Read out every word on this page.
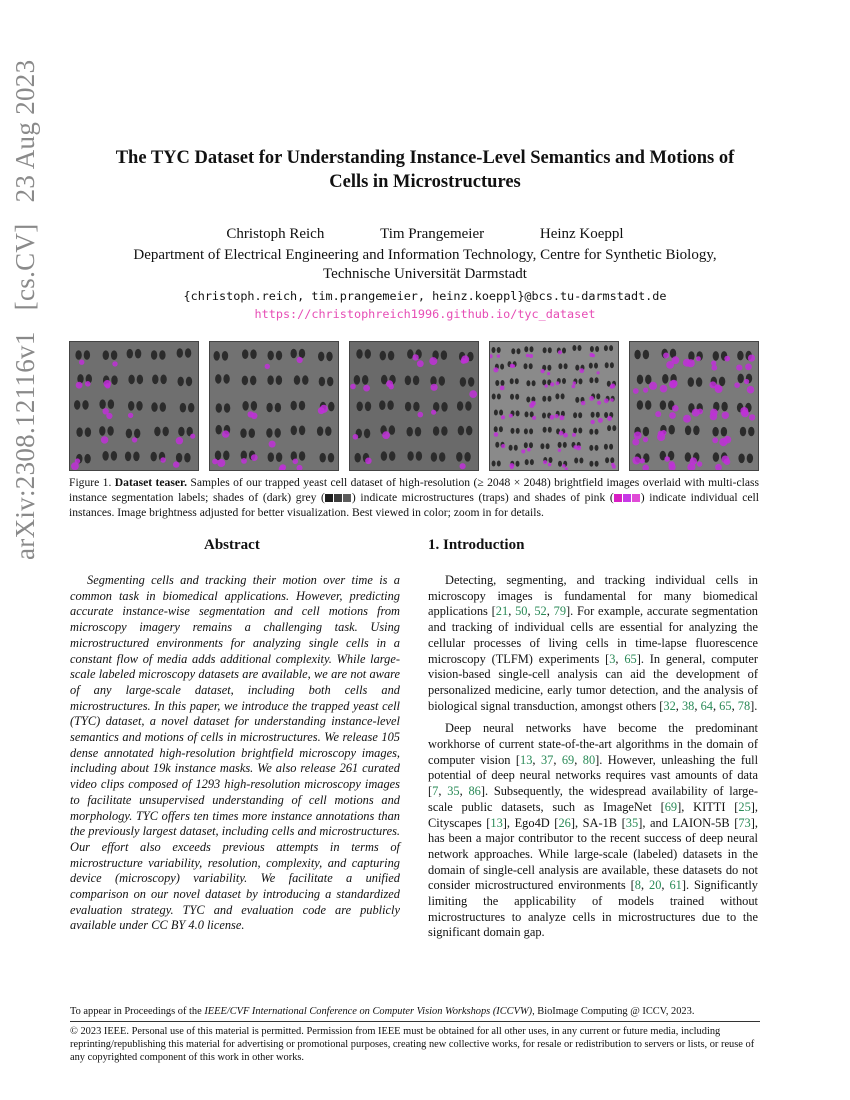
arXiv:2308.12116v1 [cs.CV] 23 Aug 2023	The TYC Dataset for Understanding Instance-Level Semantics and Motions of
Cells in Microstructures
Christoph Reich	Tim Prangemeier	Heinz Koeppl
Department of Electrical Engineering and Information Technology, Centre for Synthetic Biology,
Technische Universität Darmstadt
{christoph.reich, tim.prangemeier, heinz.koeppl}@bcs.tu-darmstadt.de
https://christophreich1996.github.io/tyc_dataset
Figure 1. Dataset teaser. Samples of our trapped yeast cell dataset of high-resolution (≥ 2048 × 2048) brightfield images overlaid with multi-class instance segmentation labels; shades of (dark) grey ( ) indicate microstructures (traps) and shades of pink ( ) indicate individual cell instances. Image brightness adjusted for better visualization. Best viewed in color; zoom in for details.
Abstract

Segmenting cells and tracking their motion over time is a common task in biomedical applications. However, predicting accurate instance-wise segmentation and cell motions from microscopy imagery remains a challenging task. Using microstructured environments for analyzing single cells in a constant flow of media adds additional complexity. While large-scale labeled microscopy datasets are available, we are not aware of any large-scale dataset, including both cells and microstructures. In this paper, we introduce the trapped yeast cell (TYC) dataset, a novel dataset for understanding instance-level semantics and motions of cells in microstructures. We release 105 dense annotated high-resolution brightfield microscopy images, including about 19k instance masks. We also release 261 curated video clips composed of 1293 high-resolution microscopy images to facilitate unsupervised understanding of cell motions and morphology. TYC offers ten times more instance annotations than the previously largest dataset, including cells and microstructures. Our effort also exceeds previous attempts in terms of microstructure variability, resolution, complexity, and capturing device (microscopy) variability. We facilitate a unified comparison on our novel dataset by introducing a standardized evaluation strategy. TYC and evaluation code are publicly available under CC BY 4.0 license.

1. Introduction

Detecting, segmenting, and tracking individual cells in microscopy images is fundamental for many biomedical applications [21, 50, 52, 79]. For example, accurate segmentation and tracking of individual cells are essential for analyzing the cellular processes of living cells in time-lapse fluorescence microscopy (TLFM) experiments [3, 65]. In general, computer vision-based single-cell analysis can aid the development of personalized medicine, early tumor detection, and the analysis of biological signal transduction, amongst others [32, 38, 64, 65, 78].

Deep neural networks have become the predominant workhorse of current state-of-the-art algorithms in the domain of computer vision [13, 37, 69, 80]. However, unleashing the full potential of deep neural networks requires vast amounts of data [7, 35, 86]. Subsequently, the widespread availability of large-scale public datasets, such as ImageNet [69], KITTI [25], Cityscapes [13], Ego4D [26], SA-1B [35], and LAION-5B [73], has been a major contributor to the recent success of deep neural network approaches. While large-scale (labeled) datasets in the domain of single-cell analysis are available, these datasets do not consider microstructured environments [8, 20, 61]. Significantly limiting the applicability of models trained without microstructures to analyze cells in microstructures due to the significant domain gap.

To appear in Proceedings of the IEEE/CVF International Conference on Computer Vision Workshops (ICCVW), BioImage Computing @ ICCV, 2023.
© 2023 IEEE. Personal use of this material is permitted. Permission from IEEE must be obtained for all other uses, in any current or future media, including reprinting/republishing this material for advertising or promotional purposes, creating new collective works, for resale or redistribution to servers or lists, or reuse of any copyrighted component of this work in other works.
